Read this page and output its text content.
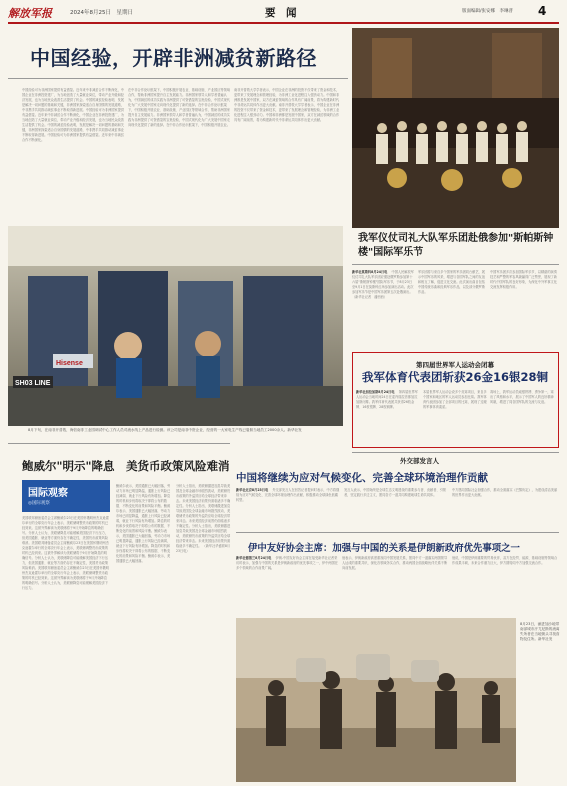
解放军报	2024年8月25日　星期日	要　闻	版面编辑/张安娜　李琳普 4
中国经验，开辟非洲减贫新路径
中国经验可为非洲国家提供有益借鉴。近年来中非减贫合作不断深化，中国企业在非洲投资建厂，为当地创造了大量就业岗位，带动产业升级和经济发展，也为当地民众改善生活提供了机会。中国的减贫经验表明，发展是解决一切问题的基础和关键，非洲国家探索适合自身国情的发展道路，中非携手共同推动减贫事业不断取得新进展。中国经验可为非洲国家提供有益借鉴。近年来中非减贫合作不断深化，中国企业在非洲投资建厂，为当地创造了大量就业岗位，带动产业升级和经济发展，也为当地民众改善生活提供了机会。中国的减贫经验表明，发展是解决一切问题的基础和关键，非洲国家探索适合自身国情的发展道路，中非携手共同推动减贫事业不断取得新进展。中国经验可为非洲国家提供有益借鉴。近年来中非减贫合作不断深化。
在中非合作论坛框架下，中国积极开展农业、基础设施、产业园区等领域合作，帮助非洲国家提升自主发展能力。非洲国家领导人和学者普遍认为，中国减贫的成功实践为非洲提供了可资借鉴的宝贵经验，中国式现代化为广大发展中国家走向现代化提供了新的选择。在中非合作论坛框架下，中国积极开展农业、基础设施、产业园区等领域合作，帮助非洲国家提升自主发展能力。非洲国家领导人和学者普遍认为，中国减贫的成功实践为非洲提供了可资借鉴的宝贵经验，中国式现代化为广大发展中国家走向现代化提供了新的选择。在中非合作论坛框架下，中国积极开展农业。
南非开普敦大学学者表示，中国企业在非洲的投资不仅带来了资金和技术，更带来了发展理念和管理经验，为非洲工业化进程注入强劲动力。中国和非洲都是发展中国家，双方在减贫领域的合作具有广阔前景，将为构建新时代中非命运共同体作出更大贡献。南非开普敦大学学者表示，中国企业在非洲的投资不仅带来了资金和技术，更带来了发展理念和管理经验，为非洲工业化进程注入强劲动力。中国和非洲都是发展中国家，双方在减贫领域的合作具有广阔前景，将为构建新时代中非命运共同体作出更大贡献。
Hisense
SH03 LINE
8月下旬，在南非开普敦，海信南非工业园调试中心工作人员对流水线上产品进行检测。该公司是南非中资企业，经营的一大家电生产线已雇佣当地员工2000余人。新华社发
我军仪仗司礼大队军乐团赴俄参加"斯帕斯钟楼"国际军乐节
新华社莫斯科8月24日电 　中国人民解放军仪仗司礼大队军乐团应邀赴俄罗斯参加第十六届"斯帕斯钟楼"国际军乐节，于8月23日至9月1日在莫斯科红场参加演出活动。此次参加军乐节是中国军乐团第五次赴俄演出。 （新华社记者　潘西西）
军乐团将与来自多个国家的军乐团同台献艺，展示中国军乐的风采，增进与各国军队之间的友谊和相互了解，促进文化交流。此次演出曲目包括中国传统乐曲和经典军乐作品，以及部分俄罗斯作品。
中国军乐团多次参加国际军乐节，以精湛的演奏技艺和严整的军容风貌赢得广泛赞誉，展现了新时代中国军队的良好形象，为深化中外军事文化交流发挥积极作用。
第四届世界军人运动会闭幕
我军体育代表团斩获26金16银28铜
新华社加拉加斯8月24日电 　第四届世界军人运动会当地时间24日在委内瑞拉首都加拉加斯闭幕。我军体育代表团共获得26枚金牌、16枚银牌、28枚铜牌。
本届世界军人运动会设多个竞赛项目，来自多个国家和地区的军人运动员参加比赛。我军体育代表团参加了全部项目的比赛，展现了过硬的军事体育素质。
赛场上，我军运动员顽强拼搏、勇争第一，赛出了风格和水平，展示了中国军人的良好精神风貌，增进了同各国军队的交流与友谊。
外交部发言人
中国将继续为应对气候变化、完善全球环境治理作贡献
新华社北京8月23日电 　外交部发言人在回答记者提问时表示，中方将继续为应对气候变化、完善全球环境治理作出贡献，积极推动全球绿色低碳转型。
发言人表示，中国始终是全球生态文明建设的重要参与者、贡献者、引领者，坚定践行多边主义，愿同各方一道共同构建地球生命共同体。
中方愿同国际社会加强合作，推动全面落实《巴黎协定》，为建设清洁美丽的世界作出更大贡献。
鲍威尔"明示"降息　美货币政策风险难消
国际观察
◎国际观察
美国联邦储备委员会主席鲍威尔23日在美国怀俄明州杰克逊霍尔举行的全球央行年会上表示，美联储调整货币政策的时机已经到来。这被外界解读为美联储将于9月开始降息的明确信号。分析人士认为，美联储降息可能缓解美国经济下行压力，但美国通胀、就业等方面仍存在不确定性，美国货币政策风险难消。美国联邦储备委员会主席鲍威尔23日在美国怀俄明州杰克逊霍尔举行的全球央行年会上表示，美联储调整货币政策的时机已经到来。这被外界解读为美联储将于9月开始降息的明确信号。分析人士认为，美联储降息可能缓解美国经济下行压力，但美国通胀、就业等方面仍存在不确定性，美国货币政策风险难消。美国联邦储备委员会主席鲍威尔23日在美国怀俄明州杰克逊霍尔举行的全球央行年会上表示，美联储调整货币政策的时机已经到来。这被外界解读为美联储将于9月开始降息的明确信号。分析人士认为，美联储降息可能缓解美国经济下行压力。
鲍威尔表示，美国通胀已大幅回落，劳动力市场已明显降温，通胀上行风险已经减弱，就业下行风险有所增加。降息的时机和步伐将取决于即将公布的数据、不断变化的前景和风险平衡。鲍威尔表示，美国通胀已大幅回落，劳动力市场已明显降温，通胀上行风险已经减弱，就业下行风险有所增加。降息的时机和步伐将取决于即将公布的数据、不断变化的前景和风险平衡。鲍威尔表示，美国通胀已大幅回落，劳动力市场已明显降温，通胀上行风险已经减弱，就业下行风险有所增加。降息的时机和步伐将取决于即将公布的数据、不断变化的前景和风险平衡。鲍威尔表示，美国通胀已大幅回落。
分析人士指出，美联储激进加息导致美国及全球金融市场剧烈波动，美联储货币政策的外溢效应给全球经济带来冲击。未来美国经济前景仍面临诸多不确定性。分析人士指出，美联储激进加息导致美国及全球金融市场剧烈波动，美联储货币政策的外溢效应给全球经济带来冲击。未来美国经济前景仍面临诸多不确定性。分析人士指出，美联储激进加息导致美国及全球金融市场剧烈波动，美联储货币政策的外溢效应给全球经济带来冲击。未来美国经济前景仍面临诸多不确定性。 （新华社华盛顿8月23日电）	伊中友好协会主席：加强与中国的关系是伊朗新政府优先事项之一
新华社德黑兰8月24日电 　伊朗-中国友好协会主席在接受新华社记者采访时表示，加强与中国的关系是伊朗新政府的优先事项之一，伊中两国在多个领域的合作前景广阔。
他表示，伊朗新政府高度重视同中国发展关系，愿同中方一道落实两国领导人达成的重要共识，深化各领域务实合作，推动两国全面战略伙伴关系不断向前发展。
他说，中国是伊朗重要的贸易伙伴，双方在经贸、能源、基础设施等领域合作成果丰硕，未来合作潜力巨大，伊方期待同中方加强交流合作。
8月23日，涌进加沙地带南部城市汗尤尼斯的流离失所者在当地街头寻找食物及住所。新华社发
